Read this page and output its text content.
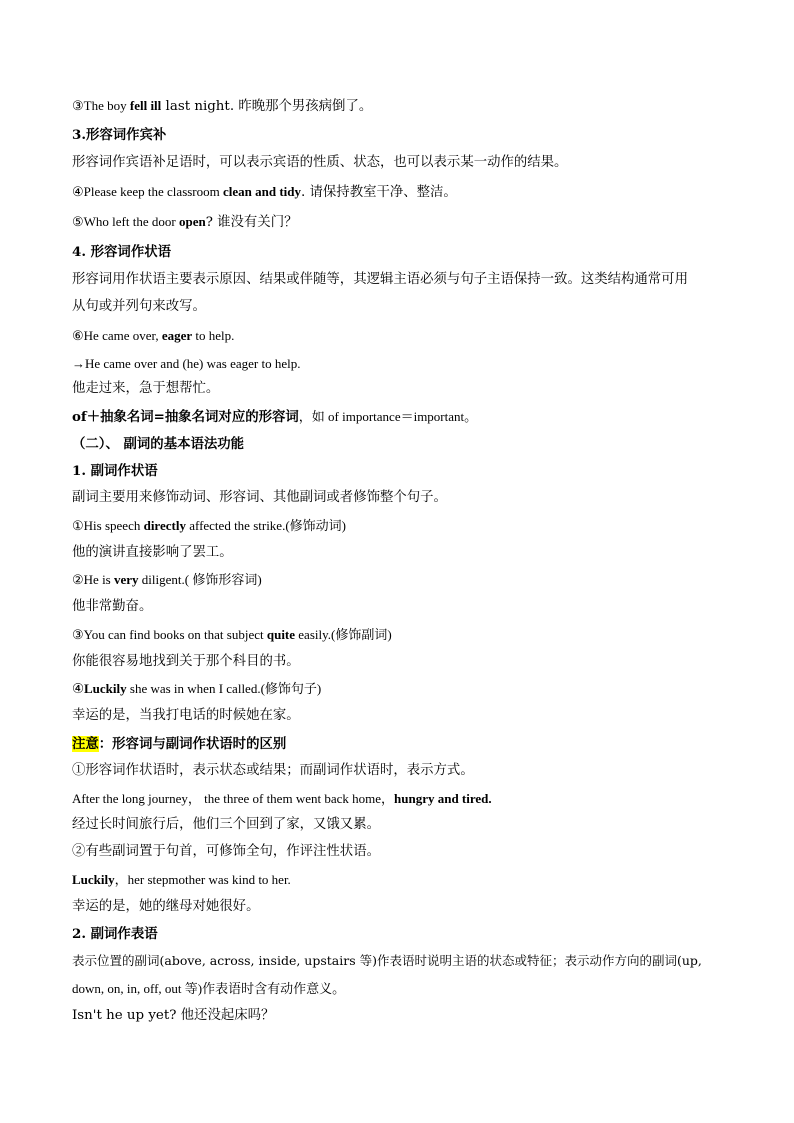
③The boy fell ill last night. 昨晚那个男孩病倒了。
3.形容词作宾补
形容词作宾语补足语时，可以表示宾语的性质、状态，也可以表示某一动作的结果。
④Please keep the classroom clean and tidy. 请保持教室干净、整洁。
⑤Who left the door open? 谁没有关门？
4. 形容词作状语
形容词用作状语主要表示原因、结果或伴随等，其逻辑主语必须与句子主语保持一致。这类结构通常可用
从句或并列句来改写。
⑥He came over, eager to help.
→He came over and (he) was eager to help.
他走过来，急于想帮忙。
of＋抽象名词=抽象名词对应的形容词，如 of importance＝important。
（二）、 副词的基本语法功能
1. 副词作状语
副词主要用来修饰动词、形容词、其他副词或者修饰整个句子。
①His speech directly affected the strike.(修饰动词)
他的演讲直接影响了罢工。
②He is very diligent.( 修饰形容词)
他非常勤奋。
③You can find books on that subject quite easily.(修饰副词)
你能很容易地找到关于那个科目的书。
④Luckily she was in when I called.(修饰句子)
幸运的是，当我打电话的时候她在家。
注意：形容词与副词作状语时的区别
①形容词作状语时，表示状态或结果；而副词作状语时，表示方式。
After the long journey， the three of them went back home，hungry and tired.
经过长时间旅行后，他们三个回到了家，又饿又累。
②有些副词置于句首，可修饰全句，作评注性状语。
Luckily，her stepmother was kind to her.
幸运的是，她的继母对她很好。
2. 副词作表语
表示位置的副词(above, across, inside, upstairs 等)作表语时说明主语的状态或特征；表示动作方向的副词(up,
down, on, in, off, out 等)作表语时含有动作意义。
Isn't he up yet? 他还没起床吗？
